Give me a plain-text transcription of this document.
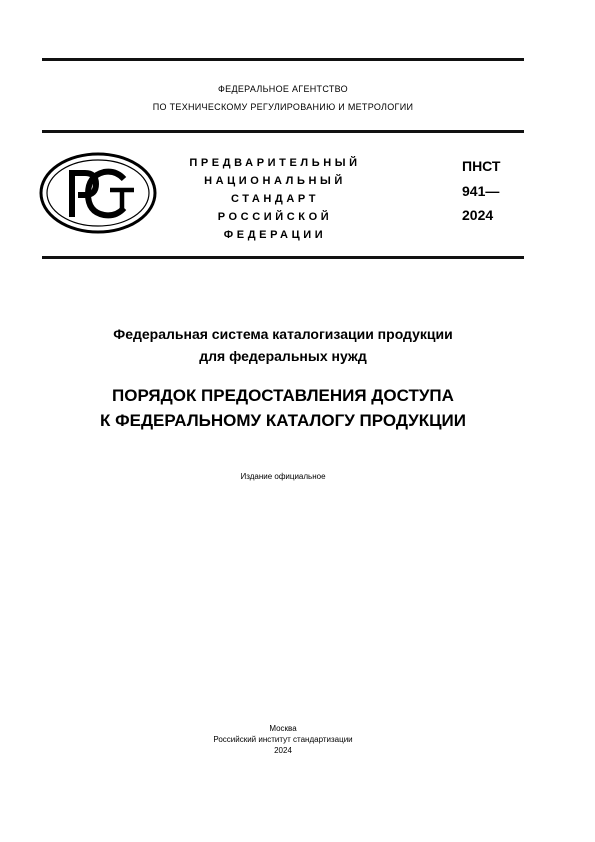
ФЕДЕРАЛЬНОЕ АГЕНТСТВО
ПО ТЕХНИЧЕСКОМУ РЕГУЛИРОВАНИЮ И МЕТРОЛОГИИ
ПРЕДВАРИТЕЛЬНЫЙ
НАЦИОНАЛЬНЫЙ
СТАНДАРТ
РОССИЙСКОЙ
ФЕДЕРАЦИИ
ПНСТ
941—
2024
Федеральная система каталогизации продукции
для федеральных нужд
ПОРЯДОК ПРЕДОСТАВЛЕНИЯ ДОСТУПА
К ФЕДЕРАЛЬНОМУ КАТАЛОГУ ПРОДУКЦИИ
Издание официальное
Москва
Российский институт стандартизации
2024
